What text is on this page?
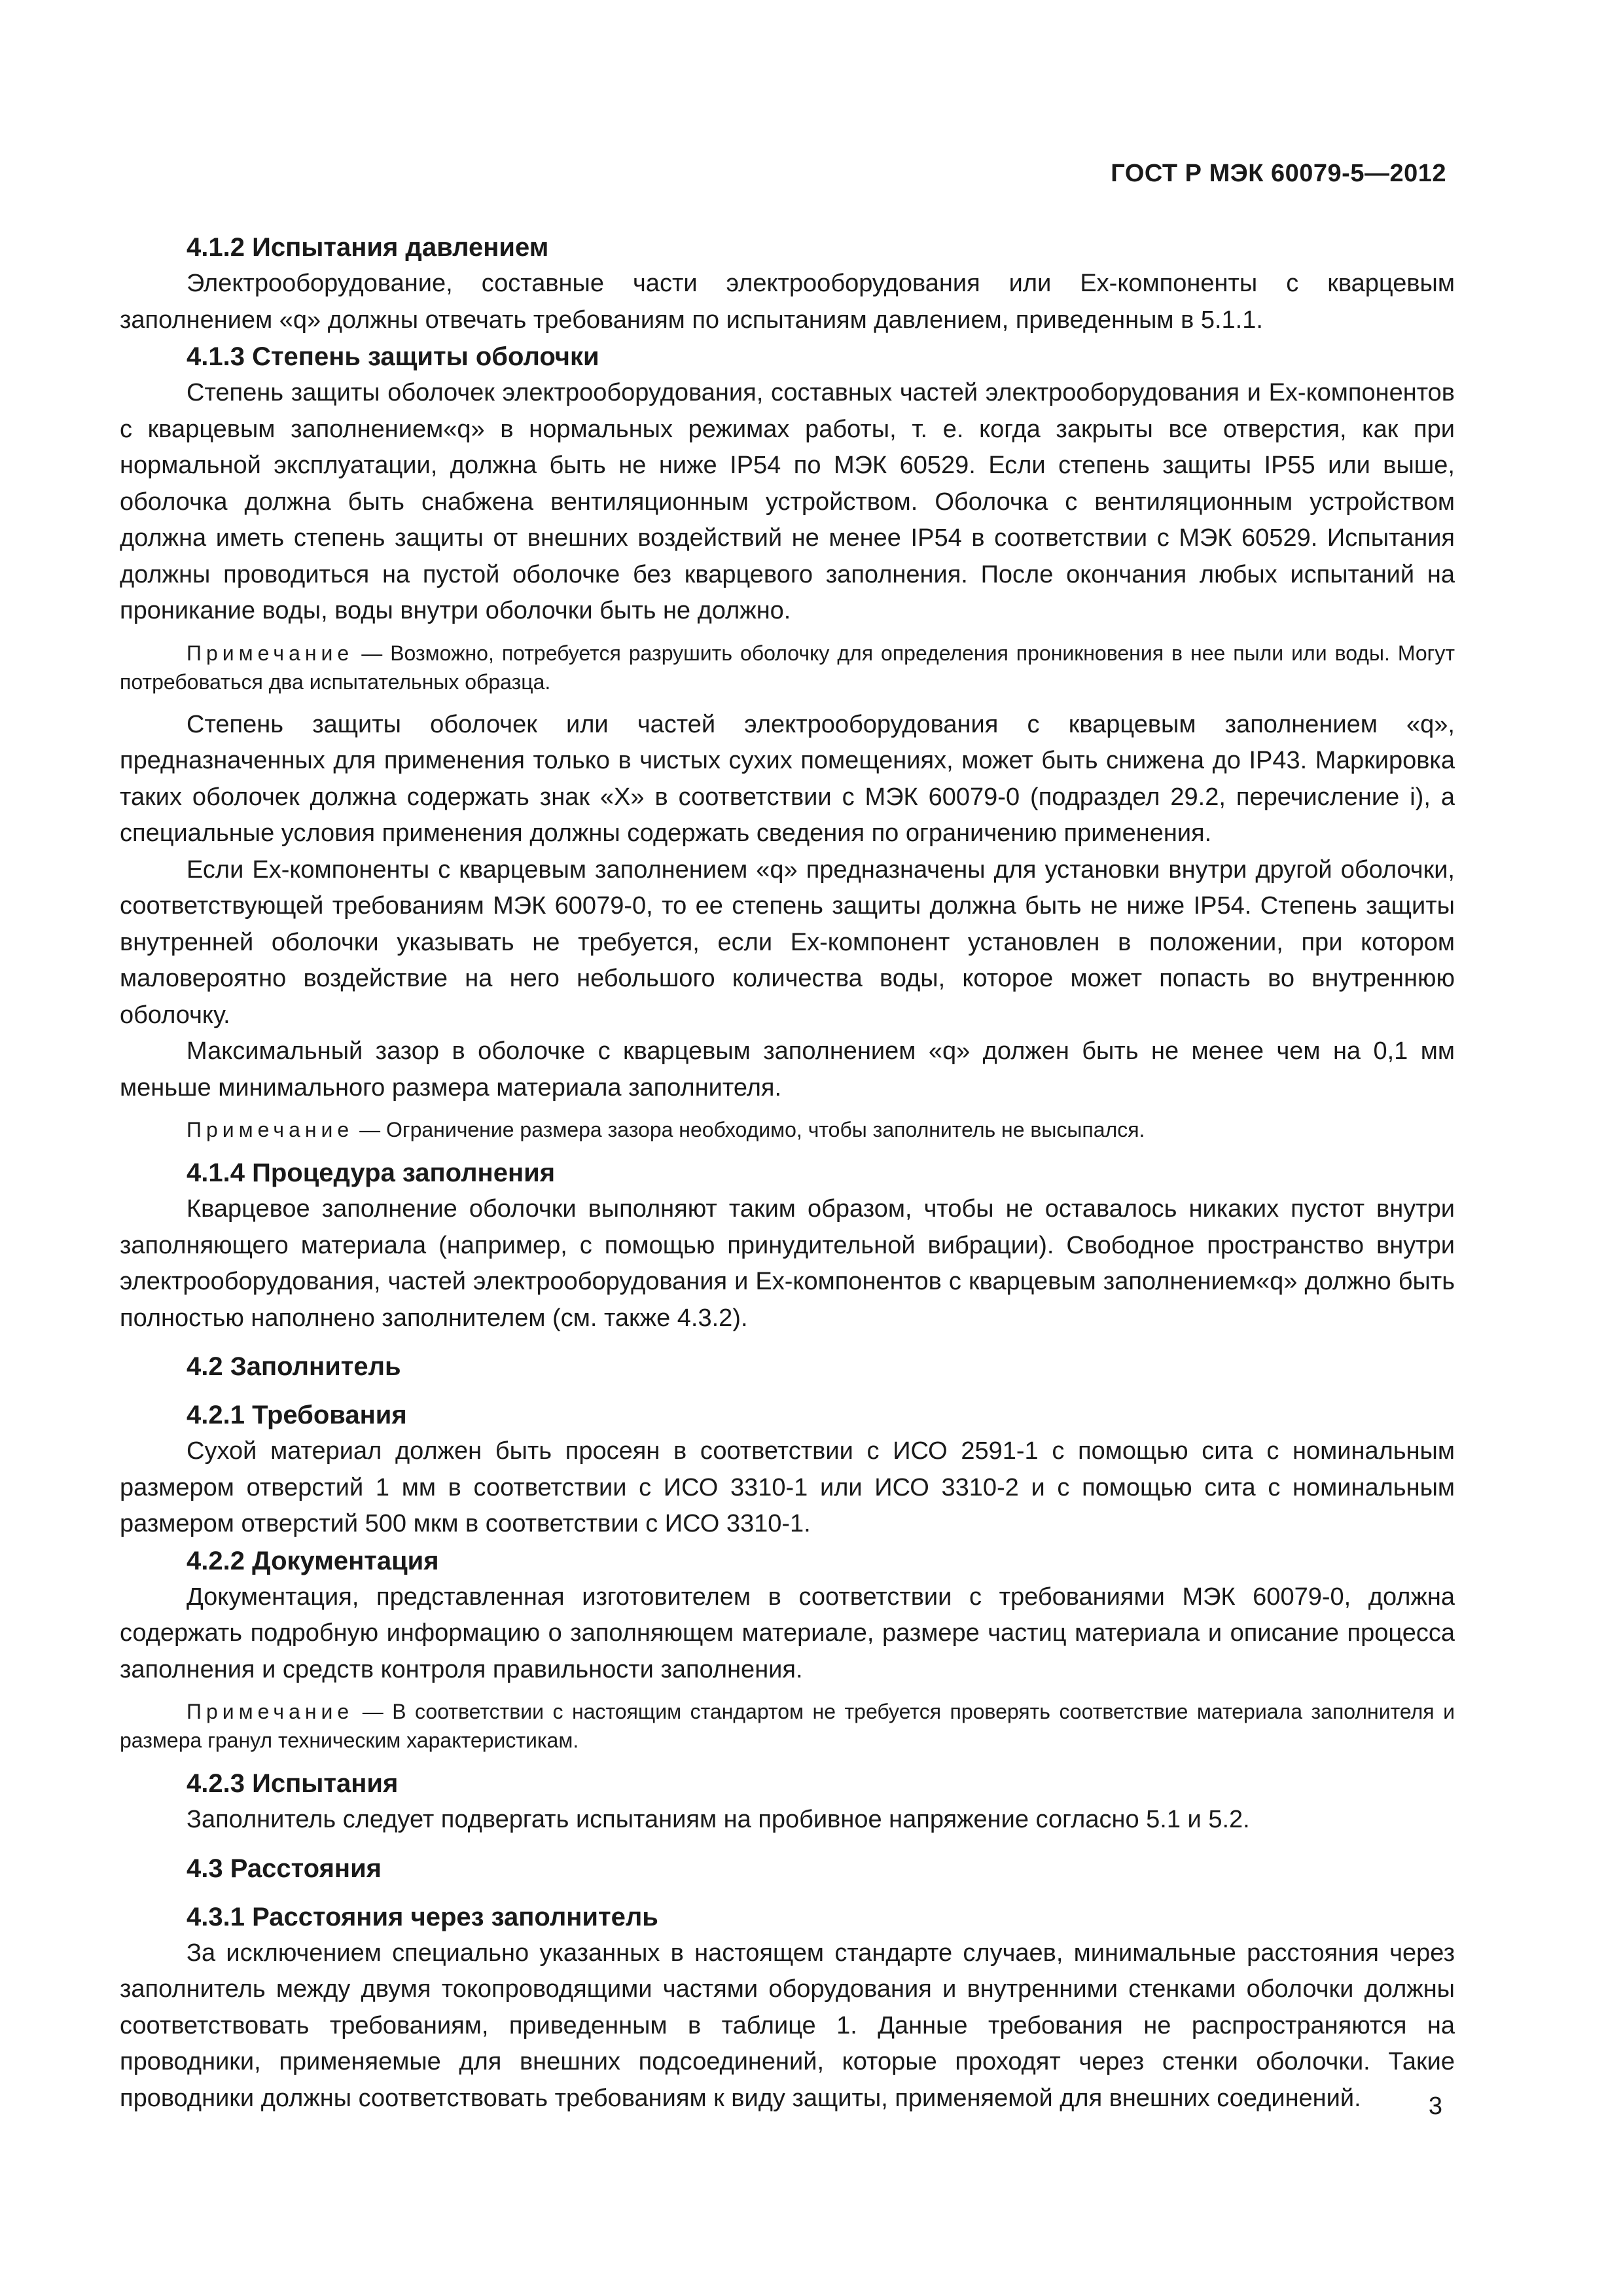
ГОСТ Р МЭК 60079-5—2012
4.1.2 Испытания давлением
Электрооборудование, составные части электрооборудования или Ех-компоненты с кварцевым заполнением «q» должны отвечать требованиям по испытаниям давлением, приведенным в 5.1.1.
4.1.3 Степень защиты оболочки
Степень защиты оболочек электрооборудования, составных частей электрооборудования и Ех-компонентов с кварцевым заполнением«q» в нормальных режимах работы, т. е. когда закрыты все отверстия, как при нормальной эксплуатации, должна быть не ниже IP54 по МЭК 60529. Если степень защиты IP55 или выше, оболочка должна быть снабжена вентиляционным устройством. Оболочка с вентиляционным устройством должна иметь степень защиты от внешних воздействий не менее IP54 в соответствии с МЭК 60529. Испытания должны проводиться на пустой оболочке без кварцевого заполнения. После окончания любых испытаний на проникание воды, воды внутри оболочки быть не должно.
Примечание — Возможно, потребуется разрушить оболочку для определения проникновения в нее пыли или воды. Могут потребоваться два испытательных образца.
Степень защиты оболочек или частей электрооборудования с кварцевым заполнением «q», предназначенных для применения только в чистых сухих помещениях, может быть снижена до IP43. Маркировка таких оболочек должна содержать знак «X» в соответствии с МЭК 60079-0 (подраздел 29.2, перечисление i), а специальные условия применения должны содержать сведения по ограничению применения.
Если Ех-компоненты с кварцевым заполнением «q» предназначены для установки внутри другой оболочки, соответствующей требованиям МЭК 60079-0, то ее степень защиты должна быть не ниже IP54. Степень защиты внутренней оболочки указывать не требуется, если Ех-компонент установлен в положении, при котором маловероятно воздействие на него небольшого количества воды, которое может попасть во внутреннюю оболочку.
Максимальный зазор в оболочке с кварцевым заполнением «q» должен быть не менее чем на 0,1 мм меньше минимального размера материала заполнителя.
Примечание — Ограничение размера зазора необходимо, чтобы заполнитель не высыпался.
4.1.4 Процедура заполнения
Кварцевое заполнение оболочки выполняют таким образом, чтобы не оставалось никаких пустот внутри заполняющего материала (например, с помощью принудительной вибрации). Свободное пространство внутри электрооборудования, частей электрооборудования и Ех-компонентов с кварцевым заполнением«q» должно быть полностью наполнено заполнителем (см. также 4.3.2).
4.2 Заполнитель
4.2.1 Требования
Сухой материал должен быть просеян в соответствии с ИСО 2591-1 с помощью сита с номинальным размером отверстий 1 мм в соответствии с ИСО 3310-1 или ИСО 3310-2 и с помощью сита с номинальным размером отверстий 500 мкм в соответствии с ИСО 3310-1.
4.2.2 Документация
Документация, представленная изготовителем в соответствии с требованиями МЭК 60079-0, должна содержать подробную информацию о заполняющем материале, размере частиц материала и описание процесса заполнения и средств контроля правильности заполнения.
Примечание — В соответствии с настоящим стандартом не требуется проверять соответствие материала заполнителя и размера гранул техническим характеристикам.
4.2.3 Испытания
Заполнитель следует подвергать испытаниям на пробивное напряжение согласно 5.1 и 5.2.
4.3 Расстояния
4.3.1 Расстояния через заполнитель
За исключением специально указанных в настоящем стандарте случаев, минимальные расстояния через заполнитель между двумя токопроводящими частями оборудования и внутренними стенками оболочки должны соответствовать требованиям, приведенным в таблице 1. Данные требования не распространяются на проводники, применяемые для внешних подсоединений, которые проходят через стенки оболочки. Такие проводники должны соответствовать требованиям к виду защиты, применяемой для внешних соединений.	3
